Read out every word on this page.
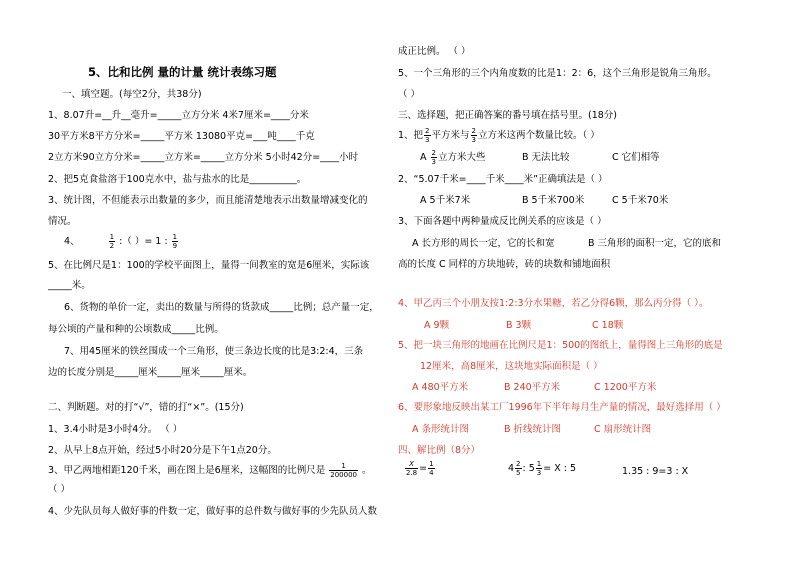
5、比和比例 量的计量 统计表练习题
一、填空题。(每空2分，共38分)
1、8.07升=__升__毫升=_____立方分米 4米7厘米=____分米
30平方米8平方分米=_____平方米 13080平克=___吨____千克
2立方米90立方分米=_____立方米=_____立方分米 5小时42分=____小时
2、把5克食盐溶于100克水中，盐与盐水的比是__________。
3、统计图，不但能表示出数量的多少，而且能清楚地表示出数量增减变化的
情况。
4、	$\frac{1}{2}$ :（ ）= 1 : $\frac{1}{9}$
5、在比例尺是1：100的学校平面图上，量得一间教室的宽是6厘米，实际该
_____米。
6、货物的单价一定，卖出的数量与所得的货款成_____比例；总产量一定，
每公顷的产量和种的公顷数成_____比例。
7、用45厘米的铁丝围成一个三角形，使三条边长度的比是3:2:4，三条
边的长度分别是_____厘米_____厘米_____厘米。
二、判断题。对的打“√”，错的打“×”。(15分)
1、3.4小时是3小时4分。 （ ）
2、从早上8点开始，经过5小时20分是下午1点20分。
3、甲乙两地相距120千米，画在图上是6厘米，这幅图的比例尺是 $\frac{1}{200000}$ 。
（ ）
4、少先队员每人做好事的件数一定，做好事的总件数与做好事的少先队员人数
成正比例。 （ ）
5、一个三角形的三个内角度数的比是1：2：6，这个三角形是锐角三角形。
（ ）
三、选择题，把正确答案的番号填在括号里。(18分)
1、把 $\frac{2}{3}$ 平方米与 $\frac{2}{3}$ 立方米这两个数量比较。（ ）
A $\frac{2}{3}$ 立方米大些	B 无法比较	C 它们相等
2、“5.07千米=____千米____米”正确填法是（ ）
A 5千米7米	B 5千米700米	C 5千米70米
3、下面各题中两种量成反比例关系的应该是（ ）
A 长方形的周长一定，它的长和宽	B 三角形的面积一定，它的底和
高的长度 C 同样的方块地砖，砖的块数和铺地面积
4、甲乙丙三个小朋友按1:2:3分水果糖，若乙分得6颗，那么丙分得（ ）。
A 9颗	B 3颗	C 18颗
5、把一块三角形的地画在比例尺是1：500的图纸上，量得图上三角形的底是
12厘米，高8厘米，这块地实际面积是（ ）
A 480平方米	B 240平方米	C 1200平方米
6、要形象地反映出某工厂1996年下半年每月生产量的情况，最好选择用（ ）
A 条形统计图	B 折线统计图	C 扇形统计图
四、解比例（8分）
$\frac{X}{2.8} = \frac{1}{4}$	$4 \frac{2}{5}$ : $5 \frac{1}{3} = X$ : 5	1.35 : 9=3 : X
